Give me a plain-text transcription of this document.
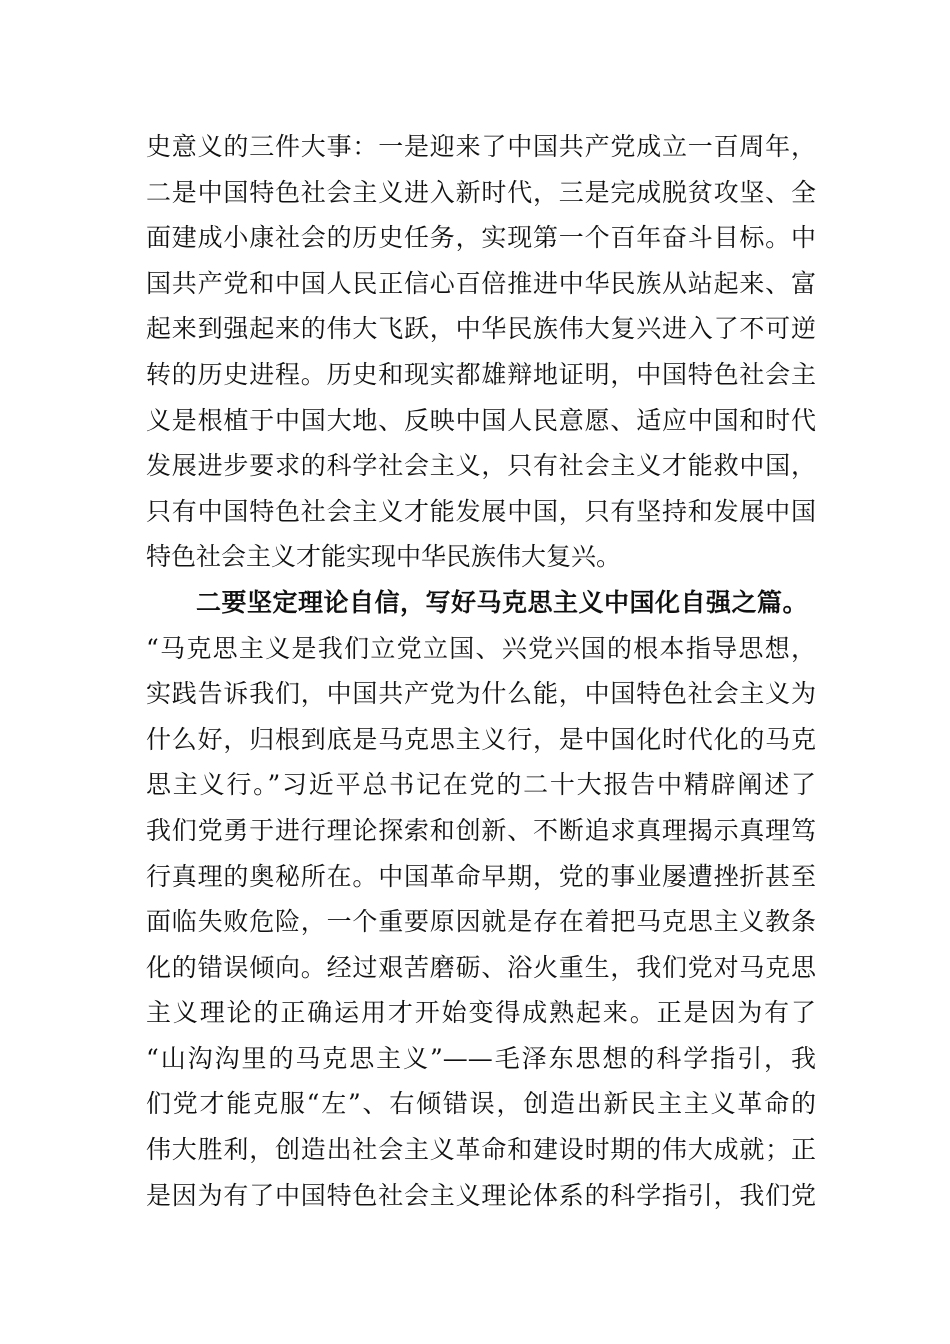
史意义的三件大事：一是迎来了中国共产党成立一百周年，
二是中国特色社会主义进入新时代，三是完成脱贫攻坚、全
面建成小康社会的历史任务，实现第一个百年奋斗目标。中
国共产党和中国人民正信心百倍推进中华民族从站起来、富
起来到强起来的伟大飞跃，中华民族伟大复兴进入了不可逆
转的历史进程。历史和现实都雄辩地证明，中国特色社会主
义是根植于中国大地、反映中国人民意愿、适应中国和时代
发展进步要求的科学社会主义，只有社会主义才能救中国，
只有中国特色社会主义才能发展中国，只有坚持和发展中国
特色社会主义才能实现中华民族伟大复兴。
二要坚定理论自信，写好马克思主义中国化自强之篇。
“马克思主义是我们立党立国、兴党兴国的根本指导思想，
实践告诉我们，中国共产党为什么能，中国特色社会主义为
什么好，归根到底是马克思主义行，是中国化时代化的马克
思主义行。”习近平总书记在党的二十大报告中精辟阐述了
我们党勇于进行理论探索和创新、不断追求真理揭示真理笃
行真理的奥秘所在。中国革命早期，党的事业屡遭挫折甚至
面临失败危险，一个重要原因就是存在着把马克思主义教条
化的错误倾向。经过艰苦磨砺、浴火重生，我们党对马克思
主义理论的正确运用才开始变得成熟起来。正是因为有了
“山沟沟里的马克思主义”——毛泽东思想的科学指引，我
们党才能克服“左”、右倾错误，创造出新民主主义革命的
伟大胜利，创造出社会主义革命和建设时期的伟大成就；正
是因为有了中国特色社会主义理论体系的科学指引，我们党
